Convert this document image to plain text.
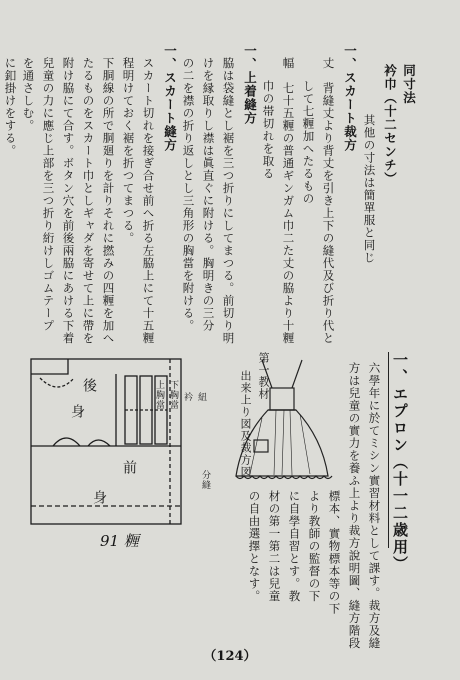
同寸法
衿巾（十二センチ）
其他の寸法は簡單服と同じ
一、スカート裁方
丈　背縫丈より背丈を引き上下の縫代及び折り代と
して七糎加へたるもの
幅　七十五糎の普通ギンガム巾二た丈の脇より十糎
巾の帯切れを取る
一、上着縫方
脇は袋縫とし裾を三つ折りにしてまつる。前切り明
けを縁取りし襟は眞直ぐに附ける。胸明きの三分
の二を襟の折り返しとし三角形の胸當を附ける。
一、スカート縫方
スカート切れを接ぎ合せ前へ折る左脇上にて十五糎
程明けておく裾を折つてまつる。
下胴線の所で胴廻りを計りそれに撚みの四糎を加へ
たるものをスカート巾としギャダを寄せて上に帶を
附け脇にて合す。ボタン穴を前後兩脇にあける下着
兒童の力に應じ上部を三つ折り絎けしゴムテープ
を通さしむ。
に釦掛けをする。
一、エプロン（十一二歳用）
六學年に於てミシン實習材料として課す。裁方及縫
方は兒童の實力を養ふ上より裁方說明圖、縫方階段
標本、實物標本等の下
より教師の監督の下
に自學自習とす。教
材の第一第二は兒童
の自由選擇となす。
第一教材
出来上り図及裁方図
後
身
前
身
上胸當 下胸當 衿 紐
分縫
91 糎
（124）
